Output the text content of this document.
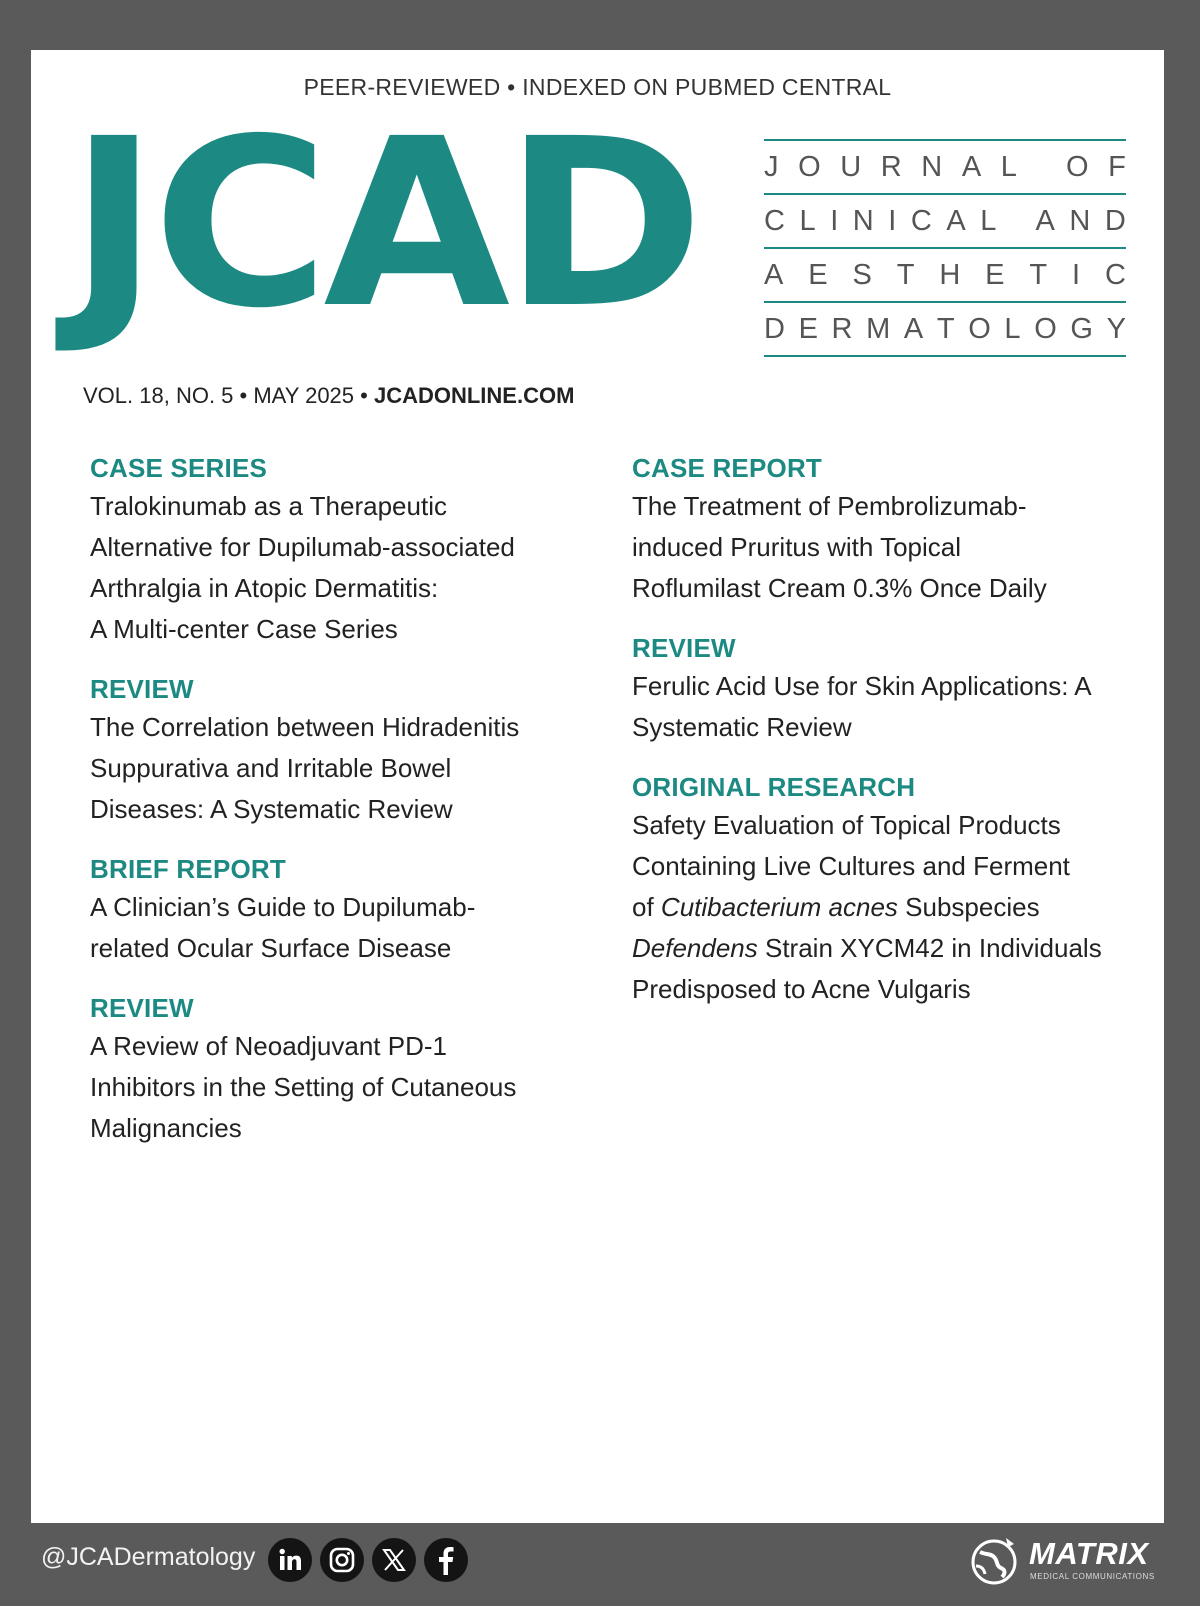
PEER-REVIEWED • INDEXED ON PUBMED CENTRAL
JCAD J O U R N A L
O F
C L I N I C A L
A N D
A E S T H E T I C
D E R M A T O L O G Y
VOL. 18, NO. 5 • MAY 2025 • JCADONLINE.COM
CASE SERIES
Tralokinumab as a Therapeutic
Alternative for Dupilumab-associated
Arthralgia in Atopic Dermatitis:
A Multi-center Case Series
REVIEW
The Correlation between Hidradenitis
Suppurativa and Irritable Bowel
Diseases: A Systematic Review
BRIEF REPORT
A Clinician’s Guide to Dupilumab-
related Ocular Surface Disease
REVIEW
A Review of Neoadjuvant PD-1
Inhibitors in the Setting of Cutaneous
Malignancies
CASE REPORT
The Treatment of Pembrolizumab-
induced Pruritus with Topical
Roflumilast Cream 0.3% Once Daily
REVIEW
Ferulic Acid Use for Skin Applications: A
Systematic Review
ORIGINAL RESEARCH
Safety Evaluation of Topical Products
Containing Live Cultures and Ferment
of Cutibacterium acnes Subspecies
Defendens Strain XYCM42 in Individuals
Predisposed to Acne Vulgaris
@JCADermatology	MATRIX
MEDICAL COMMUNICATIONS
